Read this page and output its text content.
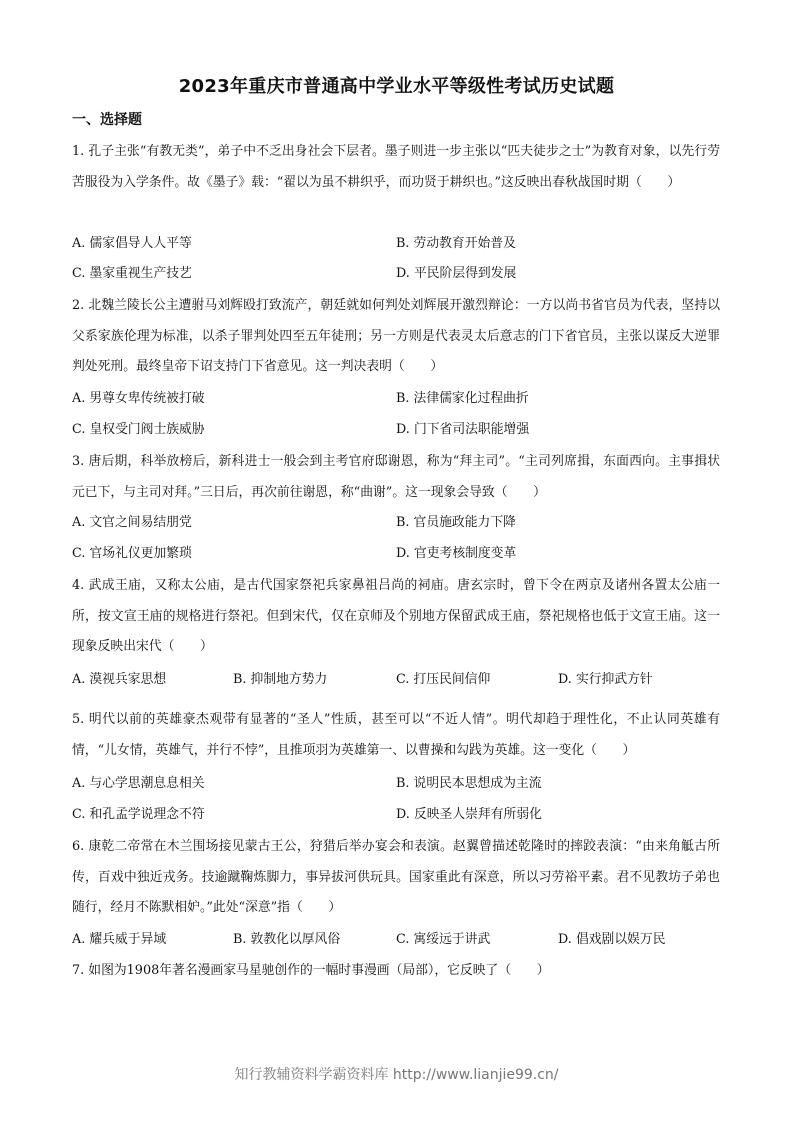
2023年重庆市普通高中学业水平等级性考试历史试题
一、选择题
1. 孔子主张“有教无类”，弟子中不乏出身社会下层者。墨子则进一步主张以“匹夫徒步之士”为教育对象，以先行劳苦服役为入学条件。故《墨子》载：“翟以为虽不耕织乎，而功贤于耕织也。”这反映出春秋战国时期（　　）
A. 儒家倡导人人平等	B. 劳动教育开始普及
C. 墨家重视生产技艺	D. 平民阶层得到发展
2. 北魏兰陵长公主遭驸马刘辉殴打致流产，朝廷就如何判处刘辉展开激烈辩论：一方以尚书省官员为代表，坚持以父系家族伦理为标准，以杀子罪判处四至五年徒刑；另一方则是代表灵太后意志的门下省官员，主张以谋反大逆罪判处死刑。最终皇帝下诏支持门下省意见。这一判决表明（　　）
A. 男尊女卑传统被打破	B. 法律儒家化过程曲折
C. 皇权受门阀士族威胁	D. 门下省司法职能增强
3. 唐后期，科举放榜后，新科进士一般会到主考官府邸谢恩，称为“拜主司”。“主司列席揖，东面西向。主事揖状元已下，与主司对拜。”三日后，再次前往谢恩，称“曲谢”。这一现象会导致（　　）
A. 文官之间易结朋党	B. 官员施政能力下降
C. 官场礼仪更加繁琐	D. 官吏考核制度变革
4. 武成王庙，又称太公庙，是古代国家祭祀兵家鼻祖吕尚的祠庙。唐玄宗时，曾下令在两京及诸州各置太公庙一所，按文宣王庙的规格进行祭祀。但到宋代，仅在京师及个别地方保留武成王庙，祭祀规格也低于文宣王庙。这一现象反映出宋代（　　）
A. 漠视兵家思想	B. 抑制地方势力	C. 打压民间信仰	D. 实行抑武方针
5. 明代以前的英雄豪杰观带有显著的“圣人”性质，甚至可以“不近人情”。明代却趋于理性化，不止认同英雄有情，“儿女情，英雄气，并行不悖”，且推项羽为英雄第一、以曹操和勾践为英雄。这一变化（　　）
A. 与心学思潮息息相关	B. 说明民本思想成为主流
C. 和孔孟学说理念不符	D. 反映圣人崇拜有所弱化
6. 康乾二帝常在木兰围场接见蒙古王公，狩猎后举办宴会和表演。赵翼曾描述乾隆时的摔跤表演：“由来角觝古所传，百戏中独近戎务。技逾蹴鞠炼脚力，事异拔河供玩具。国家重此有深意，所以习劳裕平素。君不见教坊子弟也随行，经月不陈默相妒。”此处“深意”指（　　）
A. 耀兵威于异域	B. 敦教化以厚风俗	C. 寓绥远于讲武	D. 倡戏剧以娱万民
7. 如图为1908年著名漫画家马星驰创作的一幅时事漫画（局部），它反映了（　　）
知行教辅资料学霸资料库 http://www.lianjie99.cn/
